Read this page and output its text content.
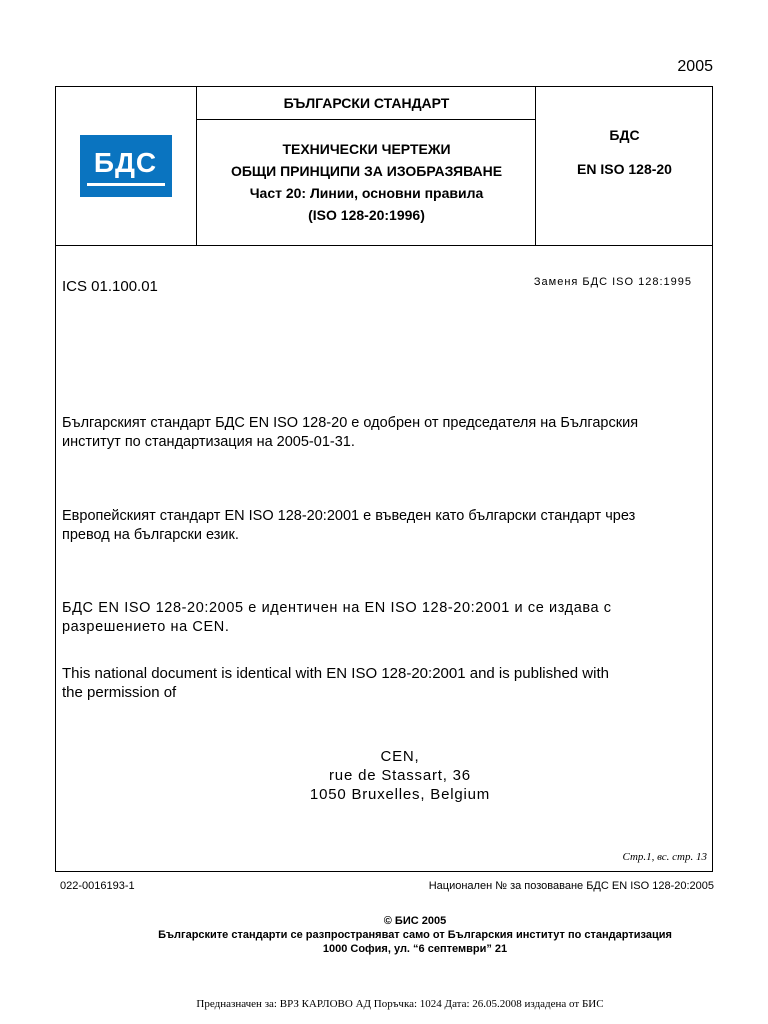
2005
БДС
БЪЛГАРСКИ СТАНДАРТ
ТЕХНИЧЕСКИ ЧЕРТЕЖИ
ОБЩИ ПРИНЦИПИ ЗА ИЗОБРАЗЯВАНЕ
Част 20: Линии, основни правила
(ISO 128-20:1996)
БДС
EN ISO 128-20
ICS 01.100.01	Заменя БДС ISO 128:1995
Българският стандарт БДС EN ISO 128-20 е одобрен от председателя на Българския
институт по стандартизация на 2005-01-31.
Европейският стандарт EN ISO 128-20:2001 е въведен като български стандарт чрез
превод на български език.
БДС EN ISO 128-20:2005 е идентичен на EN ISO 128-20:2001 и се издава с
разрешението на CEN.
This national document is identical with EN ISO 128-20:2001 and is published with
the permission of
CEN,
rue de Stassart, 36
1050 Bruxelles, Belgium
Стр.1, вс. стр. 13
022-0016193-1	Национален № за позоваване БДС EN ISO 128-20:2005
© БИС 2005
Българските стандарти се разпространяват само от Българския институт по стандартизация
1000 София, ул. “6 септември” 21
Предназначен за: ВРЗ КАРЛОВО АД Поръчка: 1024 Дата: 26.05.2008 издадена от БИС
